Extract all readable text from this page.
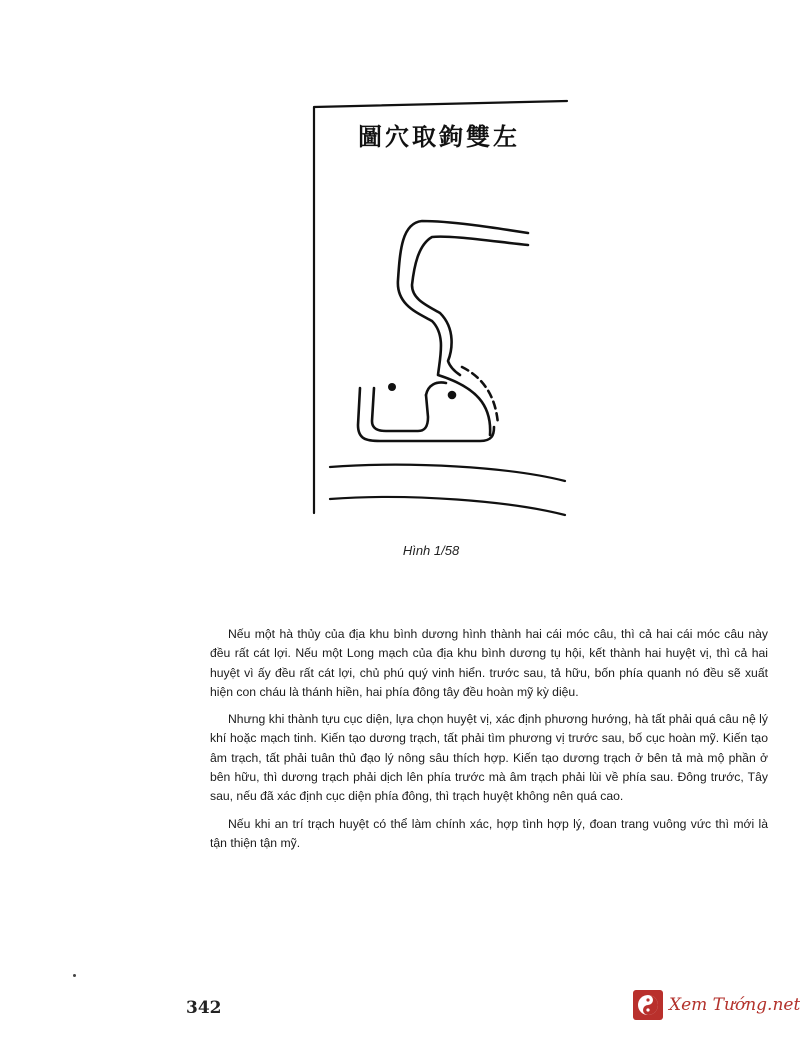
圖穴取鉤雙左
Hình 1/58

Nếu một hà thủy của địa khu bình dương hình thành hai cái móc câu, thì cả hai cái móc câu này đều rất cát lợi. Nếu một Long mạch của địa khu bình dương tụ hội, kết thành hai huyệt vị, thì cả hai huyệt vì ấy đều rất cát lợi, chủ phú quý vinh hiển. trước sau, tả hữu, bốn phía quanh nó đều sẽ xuất hiện con cháu là thánh hiền, hai phía đông tây đều hoàn mỹ kỳ diệu.

Nhưng khi thành tựu cục diện, lựa chọn huyệt vị, xác định phương hướng, hà tất phải quá câu nệ lý khí hoặc mạch tinh. Kiến tạo dương trạch, tất phải tìm phương vị trước sau, bố cục hoàn mỹ. Kiến tạo âm trạch, tất phải tuân thủ đạo lý nông sâu thích hợp. Kiến tạo dương trạch ở bên tả mà mộ phần ở bên hữu, thì dương trạch phải dịch lên phía trước mà âm trạch phải lùi về phía sau. Đông trước, Tây sau, nếu đã xác định cục diện phía đông, thì trạch huyệt không nên quá cao.

Nếu khi an trí trạch huyệt có thể làm chính xác, hợp tình hợp lý, đoan trang vuông vức thì mới là tận thiện tận mỹ.

342	Xem Tướng.net
